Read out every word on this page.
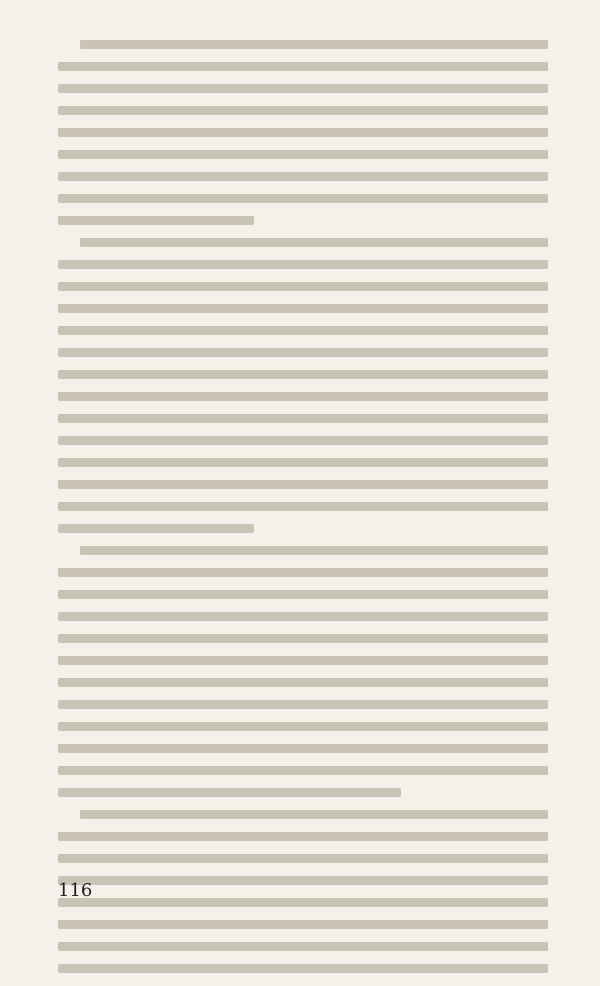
116
